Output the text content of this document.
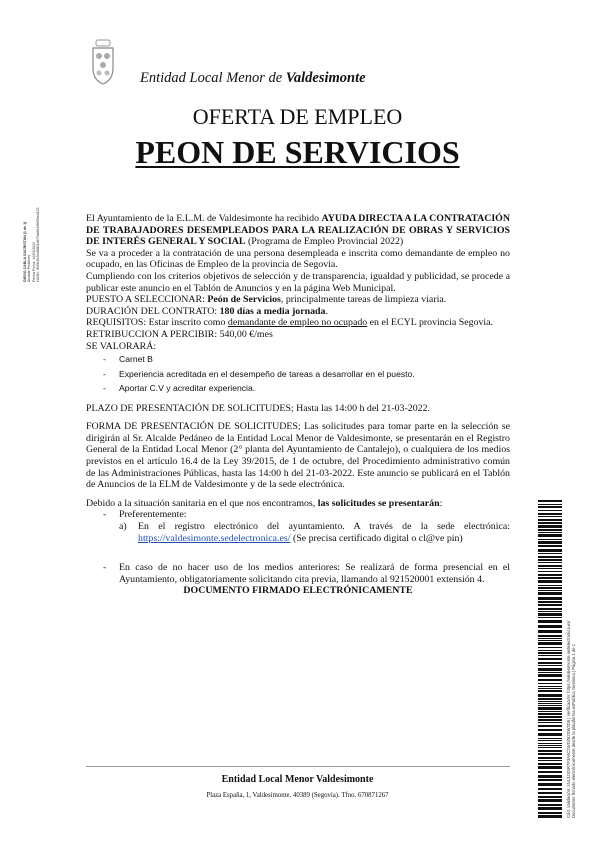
Entidad Local Menor de Valdesimonte
OFERTA DE EMPLEO
PEON DE SERVICIOS
DIEGO CABLA SACRISTAN (1 de 1) Alcalde Pedáneo Fecha Firma: 14/03/2022 HASH: 9f39c5c94d6801d4f7da9e4f6f0f3ed133	El Ayuntamiento de la E.L.M. de Valdesimonte ha recibido AYUDA DIRECTA A LA CONTRATACIÓN DE TRABAJADORES DESEMPLEADOS PARA LA REALIZACIÓN DE OBRAS Y SERVICIOS DE INTERÉS GENERAL Y SOCIAL (Programa de Empleo Provincial 2022)

Se va a proceder a la contratación de una persona desempleada e inscrita como demandante de empleo no ocupado, en las Oficinas de Empleo de la provincia de Segovia.

Cumpliendo con los criterios objetivos de selección y de transparencia, igualdad y publicidad, se procede a publicar este anuncio en el Tablón de Anuncios y en la página Web Municipal.

PUESTO A SELECCIONAR: Peón de Servicios, principalmente tareas de limpieza viaria.

DURACIÓN DEL CONTRATO: 180 días a media jornada.

REQUISITOS: Estar inscrito como demandante de empleo no ocupado en el ECYL provincia Segovia.

RETRIBUCCION A PERCIBIR: 540,00 €/mes

SE VALORARÁ:

- Carnet B
- Experiencia acreditada en el desempeño de tareas a desarrollar en el puesto.
- Aportar C.V y acreditar experiencia.

PLAZO DE PRESENTACIÓN DE SOLICITUDES; Hasta las 14:00 h del 21-03-2022.

FORMA DE PRESENTACIÓN DE SOLICITUDES; Las solicitudes para tomar parte en la selección se dirigirán al Sr. Alcalde Pedáneo de la Entidad Local Menor de Valdesimonte, se presentarán en el Registro General de la Entidad Local Menor (2° planta del Ayuntamiento de Cantalejo), o cualquiera de los medios previstos en el artículo 16.4 de la Ley 39/2015, de 1 de octubre, del Procedimiento administrativo común de las Administraciones Públicas, hasta las 14:00 h del 21-03-2022. Este anuncio se publicará en el Tablón de Anuncios de la ELM de Valdesimonte y de la sede electrónica.

Debido a la situación sanitaria en el que nos encontramos, las solicitudes se presentarán:

- Preferentemente:
a) En el registro electrónico del ayuntamiento. A través de la sede electrónica: https://valdesimonte.sedelectronica.es/ (Se precisa certificado digital o cl@ve pin)
- En caso de no hacer uso de los medios anteriores: Se realizará de forma presencial en el Ayuntamiento, obligatoriamente solicitando cita previa, llamando al 921520001 extensión 4.

DOCUMENTO FIRMADO ELECTRÓNICAMENTE

Entidad Local Menor Valdesimonte
Plaza España, 1, Valdesimonte. 40389 (Segovia). Tfno. 670871267	Cód. Validación: 4NL3JXSR7F3A5C2WD262SW2D5 | Verificación: https://valdesimonte.sedelectronica.es/ Documento firmado electrónicamente desde la plataforma esPublico Gestiona | Página 1 de 1
